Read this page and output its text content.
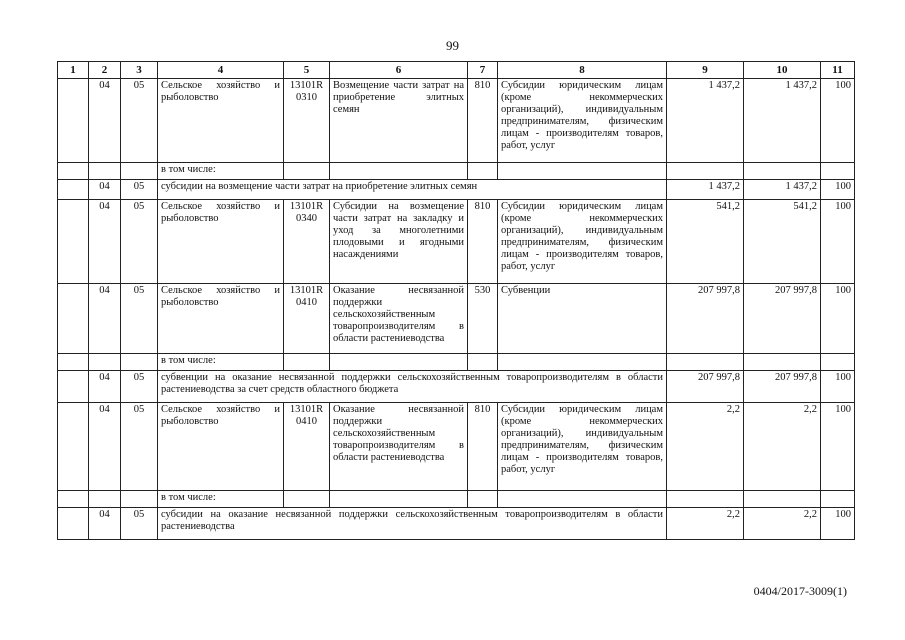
99
1	2	3	4	5	6	7	8	9	10	11
	04	05	Сельское хозяйство и рыболовство	13101R 0310	Возмещение части затрат на приобретение элитных семян	810	Субсидии юридическим лицам (кроме некоммерческих организаций), индивидуальным предпринимателям, физическим лицам - производителям товаров, работ, услуг	1 437,2	1 437,2	100
			в том числе:							
	04	05	субсидии на возмещение части затрат на приобретение элитных семян					1 437,2	1 437,2	100
	04	05	Сельское хозяйство и рыболовство	13101R 0340	Субсидии на возмещение части затрат на закладку и уход за многолетними плодовыми и ягодными насаждениями	810	Субсидии юридическим лицам (кроме некоммерческих организаций), индивидуальным предпринимателям, физическим лицам - производителям товаров, работ, услуг	541,2	541,2	100
	04	05	Сельское хозяйство и рыболовство	13101R 0410	Оказание несвязанной поддержки сельскохозяйственным товаропроизводителям в области растениеводства	530	Субвенции	207 997,8	207 997,8	100
			в том числе:							
	04	05	субвенции на оказание несвязанной поддержки сельскохозяйственным товаропроизводителям в области растениеводства за счет средств областного бюджета					207 997,8	207 997,8	100
	04	05	Сельское хозяйство и рыболовство	13101R 0410	Оказание несвязанной поддержки сельскохозяйственным товаропроизводителям в области растениеводства	810	Субсидии юридическим лицам (кроме некоммерческих организаций), индивидуальным предпринимателям, физическим лицам - производителям товаров, работ, услуг	2,2	2,2	100
			в том числе:							
	04	05	субсидии на оказание несвязанной поддержки сельскохозяйственным товаропроизводителям в области растениеводства					2,2	2,2	100
0404/2017-3009(1)
